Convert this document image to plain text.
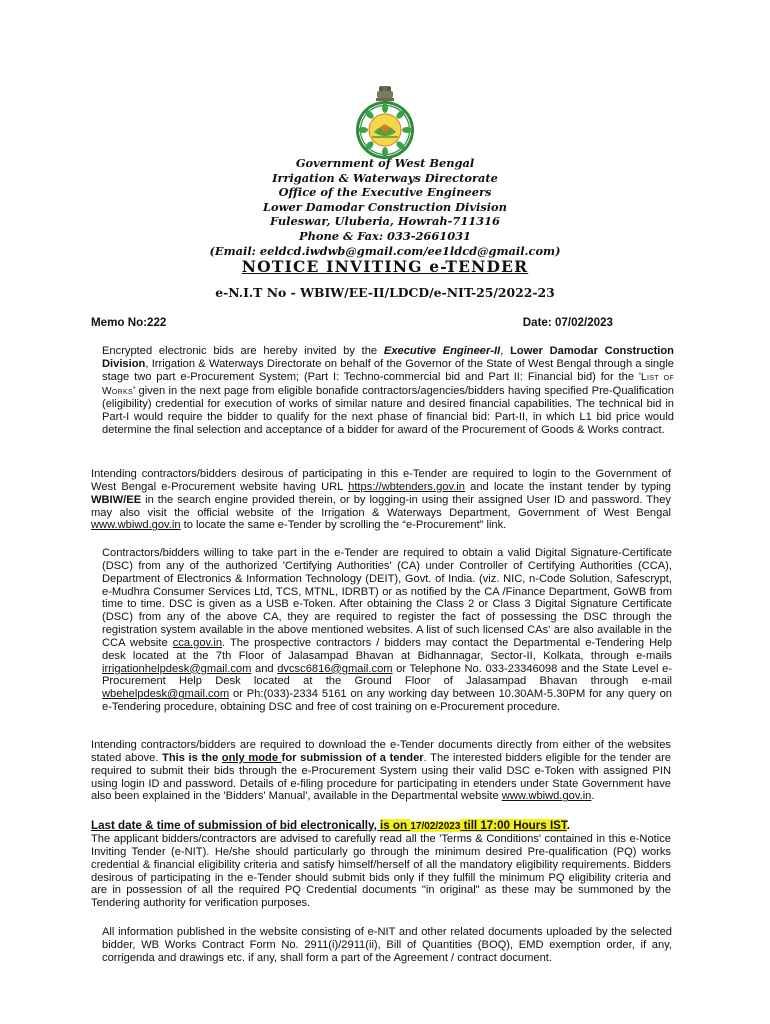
Government of West Bengal
Irrigation & Waterways Directorate
Office of the Executive Engineers
Lower Damodar Construction Division
Fuleswar, Uluberia, Howrah-711316
Phone & Fax: 033-2661031
(Email: eeldcd.iwdwb@gmail.com/ee1ldcd@gmail.com)
NOTICE INVITING e-TENDER
e-N.I.T No - WBIW/EE-II/LDCD/e-NIT-25/2022-23
Memo No:222	Date: 07/02/2023
Encrypted electronic bids are hereby invited by the Executive Engineer-II, Lower Damodar Construction Division, Irrigation & Waterways Directorate on behalf of the Governor of the State of West Bengal through a single stage two part e-Procurement System; (Part I: Techno-commercial bid and Part II: Financial bid) for the 'List of Works' given in the next page from eligible bonafide contractors/agencies/bidders having specified Pre-Qualification (eligibility) credential for execution of works of similar nature and desired financial capabilities. The technical bid in Part-I would require the bidder to qualify for the next phase of financial bid: Part-II, in which L1 bid price would determine the final selection and acceptance of a bidder for award of the Procurement of Goods & Works contract.
Intending contractors/bidders desirous of participating in this e-Tender are required to login to the Government of West Bengal e-Procurement website having URL https://wbtenders.gov.in and locate the instant tender by typing WBIW/EE in the search engine provided therein, or by logging-in using their assigned User ID and password. They may also visit the official website of the Irrigation & Waterways Department, Government of West Bengal www.wbiwd.gov.in to locate the same e-Tender by scrolling the “e-Procurement” link.
Contractors/bidders willing to take part in the e-Tender are required to obtain a valid Digital Signature-Certificate (DSC) from any of the authorized 'Certifying Authorities' (CA) under Controller of Certifying Authorities (CCA), Department of Electronics & Information Technology (DEIT), Govt. of India. (viz. NIC, n-Code Solution, Safescrypt, e-Mudhra Consumer Services Ltd, TCS, MTNL, IDRBT) or as notified by the CA /Finance Department, GoWB from time to time. DSC is given as a USB e-Token. After obtaining the Class 2 or Class 3 Digital Signature Certificate (DSC) from any of the above CA, they are required to register the fact of possessing the DSC through the registration system available in the above mentioned websites. A list of such licensed CAs' are also available in the CCA website cca.gov.in. The prospective contractors / bidders may contact the Departmental e-Tendering Help desk located at the 7th Floor of Jalasampad Bhavan at Bidhannagar, Sector-II, Kolkata, through e-mails irrigationhelpdesk@gmail.com and dvcsc6816@gmail.com or Telephone No. 033-23346098 and the State Level e-Procurement Help Desk located at the Ground Floor of Jalasampad Bhavan through e-mail wbehelpdesk@gmail.com or Ph:(033)-2334 5161 on any working day between 10.30AM-5.30PM for any query on e-Tendering procedure, obtaining DSC and free of cost training on e-Procurement procedure.
Intending contractors/bidders are required to download the e-Tender documents directly from either of the websites stated above. This is the only mode for submission of a tender. The interested bidders eligible for the tender are required to submit their bids through the e-Procurement System using their valid DSC e-Token with assigned PIN using login ID and password. Details of e-filing procedure for participating in etenders under State Government have also been explained in the 'Bidders' Manual', available in the Departmental website www.wbiwd.gov.in.
Last date & time of submission of bid electronically, is on 17/02/2023 till 17:00 Hours IST.
The applicant bidders/contractors are advised to carefully read all the 'Terms & Conditions' contained in this e-Notice Inviting Tender (e-NIT). He/she should particularly go through the minimum desired Pre-qualification (PQ) works credential & financial eligibility criteria and satisfy himself/herself of all the mandatory eligibility requirements. Bidders desirous of participating in the e-Tender should submit bids only if they fulfill the minimum PQ eligibility criteria and are in possession of all the required PQ Credential documents "in original" as these may be summoned by the Tendering authority for verification purposes.
All information published in the website consisting of e-NIT and other related documents uploaded by the selected bidder, WB Works Contract Form No. 2911(i)/2911(ii), Bill of Quantities (BOQ), EMD exemption order, if any, corrigenda and drawings etc. if any, shall form a part of the Agreement / contract document.
